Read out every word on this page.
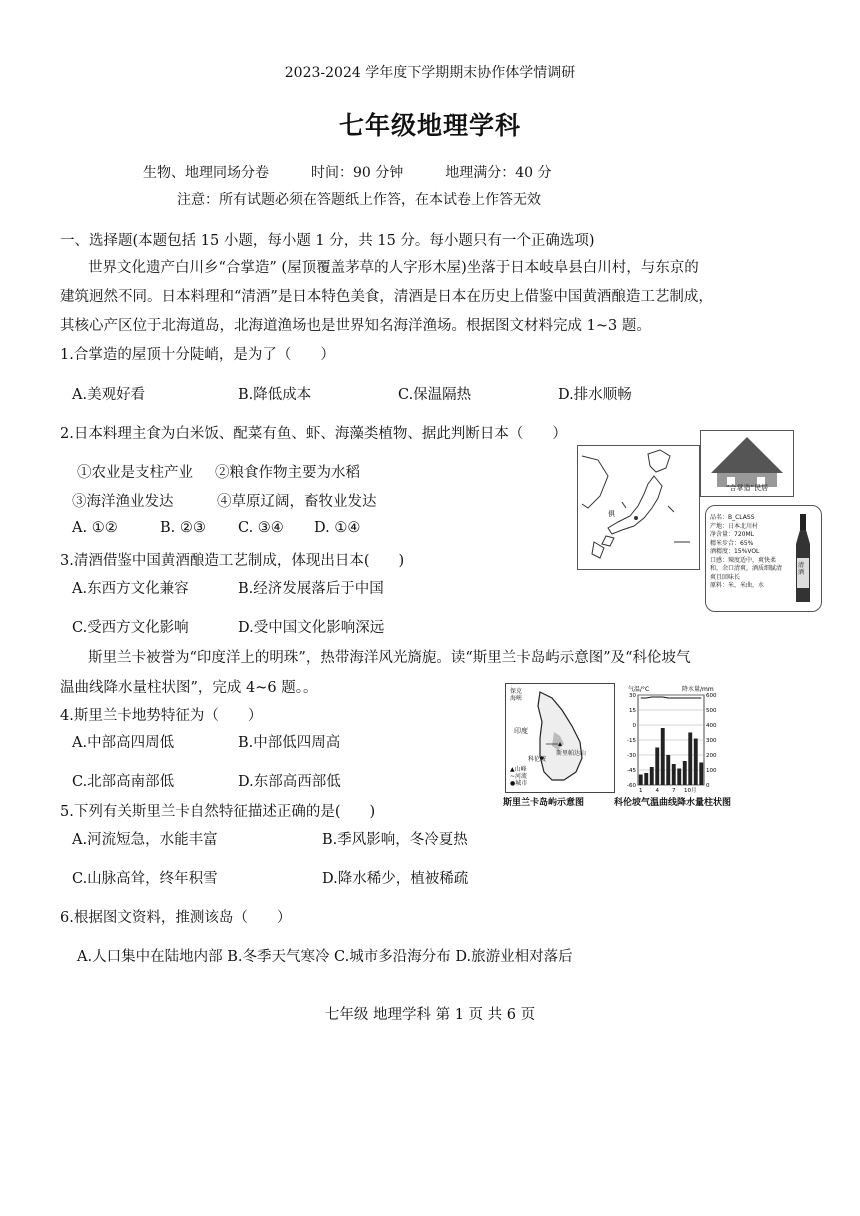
2023-2024 学年度下学期期末协作体学情调研
七年级地理学科
生物、地理同场分卷　　　时间：90 分钟　　　地理满分：40 分
注意：所有试题必须在答题纸上作答，在本试卷上作答无效
一、选择题(本题包括 15 小题，每小题 1 分，共 15 分。每小题只有一个正确选项)
世界文化遗产白川乡“合掌造” (屋顶覆盖茅草的人字形木屋)坐落于日本岐阜县白川村，与东京的
建筑迥然不同。日本料理和“清酒”是日本特色美食，清酒是日本在历史上借鉴中国黄酒酿造工艺制成，
其核心产区位于北海道岛，北海道渔场也是世界知名海洋渔场。根据图文材料完成 1~3 题。
1.合掌造的屋顶十分陡峭，是为了（　　）
A.美观好看	B.降低成本	C.保温隔热	D.排水顺畅
2.日本料理主食为白米饭、配菜有鱼、虾、海藻类植物、据此判断日本（　　）
①农业是支柱产业 ②粮食作物主要为水稻
③海洋渔业发达	④草原辽阔，畜牧业发达
A. ①②	B. ②③ C. ③④ D. ①④
3.清酒借鉴中国黄酒酿造工艺制成，体现出日本(　　)
A.东西方文化兼容	B.经济发展落后于中国
C.受西方文化影响	D.受中国文化影响深远
斯里兰卡被誉为“印度洋上的明珠”，热带海洋风光旖旎。读“斯里兰卡岛屿示意图”及“科伦坡气
温曲线降水量柱状图”，完成 4~6 题。。
4.斯里兰卡地势特征为（　　）
A.中部高四周低	B.中部低四周高
C.北部高南部低	D.东部高西部低
5.下列有关斯里兰卡自然特征描述正确的是(　　)
A.河流短急，水能丰富	B.季风影响，冬冷夏热
C.山脉高耸，终年积雪	D.降水稀少，植被稀疏
6.根据图文资料，推测该岛（　　）
A.人口集中在陆地内部 B.冬季天气寒冷 C.城市多沿海分布 D.旅游业相对落后
七年级 地理学科 第 1 页 共 6 页
俱
“合掌造”民居
品名：B_CLASS
产地：日本北川村
净含量：720ML
精米步合：65%
酒精度：15%VOL
口感：辣度适中，爽快柔
和，余口清爽，酒质细腻清
爽且回味长
原料：米，米曲，水
清酒
保克海峡
印度
科伦坡
斯里帕达山
▲山峰
~河流
●城市
斯里兰卡岛屿示意图
气温/°C	降水量/mm
30
15
0
-15
-30
-45
-60
600
500
400
300
200
100
0
1 4 7 10月
科伦坡气温曲线降水量柱状图
